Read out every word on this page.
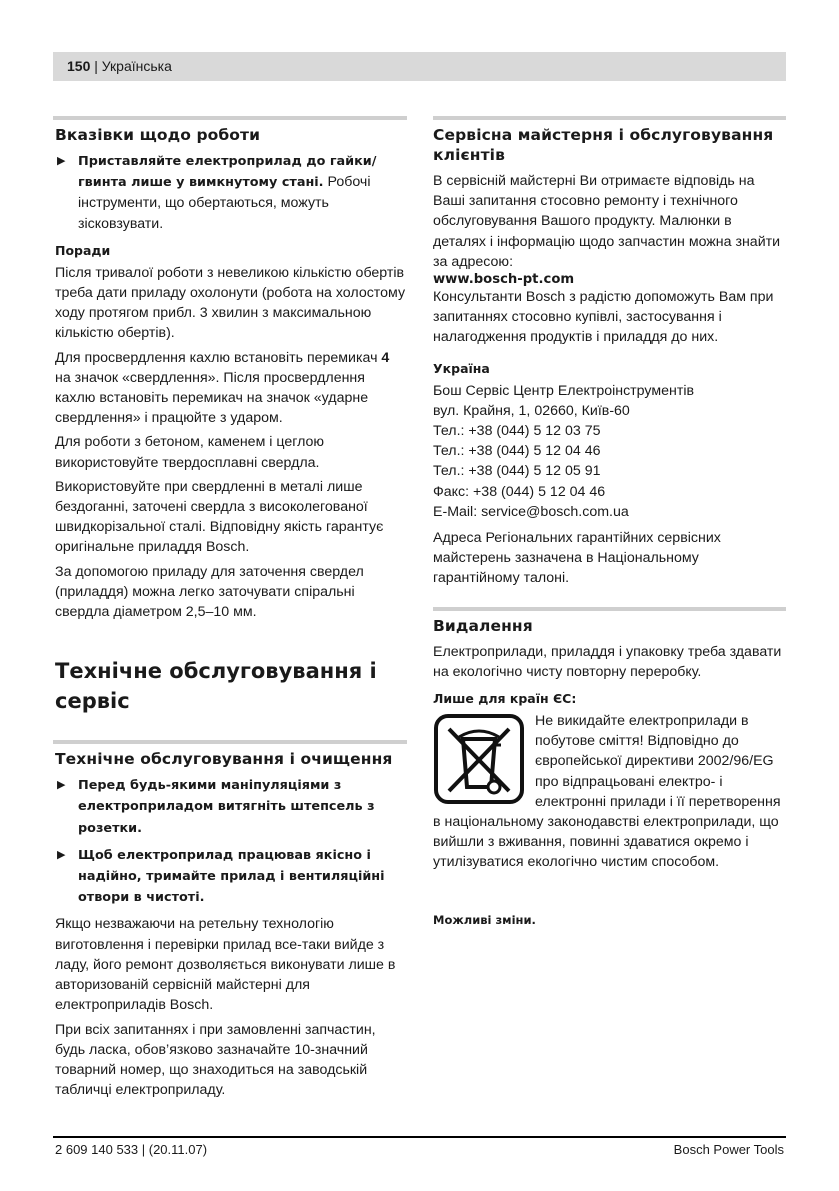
150 | Українська
Вказівки щодо роботи
▶ Приставляйте електроприлад до гайки/гвинта лише у вимкнутому стані. Робочі інструменти, що обертаються, можуть зісковзувати.
Поради

Після тривалої роботи з невеликою кількістю обертів треба дати приладу охолонути (робота на холостому ходу протягом прибл. 3 хвилин з максимальною кількістю обертів).

Для просвердлення кахлю встановіть перемикач 4 на значок «свердлення». Після просвердлення кахлю встановіть перемикач на значок «ударне свердлення» і працюйте з ударом.

Для роботи з бетоном, каменем і цеглою використовуйте твердосплавні свердла.

Використовуйте при свердленні в металі лише бездоганні, заточені свердла з високолегованої швидкорізальної сталі. Відповідну якість гарантує оригінальне приладдя Bosch.

За допомогою приладу для заточення свердел (приладдя) можна легко заточувати спіральні свердла діаметром 2,5–10 мм.

Технічне обслуговування і сервіс
Технічне обслуговування і очищення
▶ Перед будь-якими маніпуляціями з електроприладом витягніть штепсель з розетки.
▶ Щоб електроприлад працював якісно і надійно, тримайте прилад і вентиляційні отвори в чистоті.

Якщо незважаючи на ретельну технологію виготовлення і перевірки прилад все-таки вийде з ладу, його ремонт дозволяється виконувати лише в авторизованій сервісній майстерні для електроприладів Bosch.

При всіх запитаннях і при замовленні запчастин, будь ласка, обов’язково зазначайте 10-значний товарний номер, що знаходиться на заводській табличці електроприладу.

Сервісна майстерня і обслуговування клієнтів

В сервісній майстерні Ви отримаєте відповідь на Ваші запитання стосовно ремонту і технічного обслуговування Вашого продукту. Малюнки в деталях і інформацію щодо запчастин можна знайти за адресою:

www.bosch-pt.com

Консультанти Bosch з радістю допоможуть Вам при запитаннях стосовно купівлі, застосування і налагодження продуктів і приладдя до них.

Україна

Бош Сервіс Центр Електроінструментів

вул. Крайня, 1, 02660, Київ-60

Тел.: +38 (044) 5 12 03 75

Тел.: +38 (044) 5 12 04 46

Тел.: +38 (044) 5 12 05 91

Факс: +38 (044) 5 12 04 46

E-Mail: service@bosch.com.ua

Адреса Регіональних гарантійних сервісних майстерень зазначена в Національному гарантійному талоні.

Видалення

Електроприлади, приладдя і упаковку треба здавати на екологічно чисту повторну переробку.

Лише для країн ЄС:

Не викидайте електроприлади в побутове сміття! Відповідно до європейської директиви 2002/96/EG про відпрацьовані електро- і електронні прилади і її перетворення в національному законодавстві електроприлади, що вийшли з вживання, повинні здаватися окремо і утилізуватися екологічно чистим способом.

Можливі зміни.
2 609 140 533 | (20.11.07)	Bosch Power Tools
